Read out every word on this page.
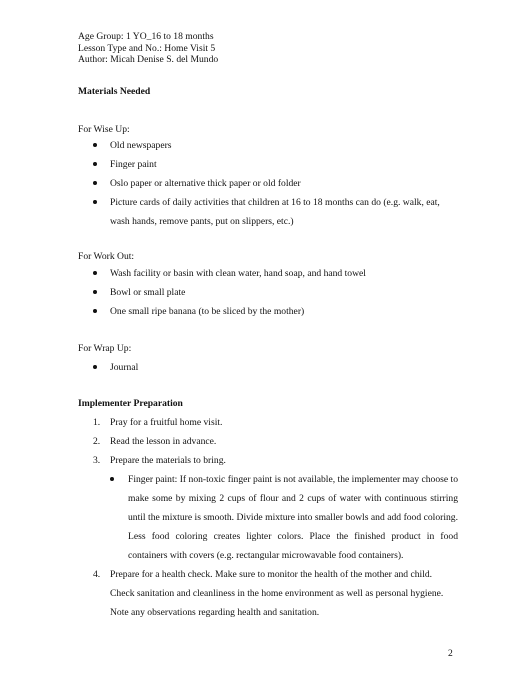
Age Group: 1 YO_16 to 18 months
Lesson Type and No.: Home Visit 5
Author: Micah Denise S. del Mundo
Materials Needed
For Wise Up:
Old newspapers
Finger paint
Oslo paper or alternative thick paper or old folder
Picture cards of daily activities that children at 16 to 18 months can do (e.g. walk, eat, wash hands, remove pants, put on slippers, etc.)
For Work Out:
Wash facility or basin with clean water, hand soap, and hand towel
Bowl or small plate
One small ripe banana (to be sliced by the mother)
For Wrap Up:
Journal
Implementer Preparation
1. Pray for a fruitful home visit.
2. Read the lesson in advance.
3. Prepare the materials to bring.
Finger paint: If non-toxic finger paint is not available, the implementer may choose to make some by mixing 2 cups of flour and 2 cups of water with continuous stirring until the mixture is smooth. Divide mixture into smaller bowls and add food coloring. Less food coloring creates lighter colors. Place the finished product in food containers with covers (e.g. rectangular microwavable food containers).
4. Prepare for a health check. Make sure to monitor the health of the mother and child. Check sanitation and cleanliness in the home environment as well as personal hygiene. Note any observations regarding health and sanitation.
2
